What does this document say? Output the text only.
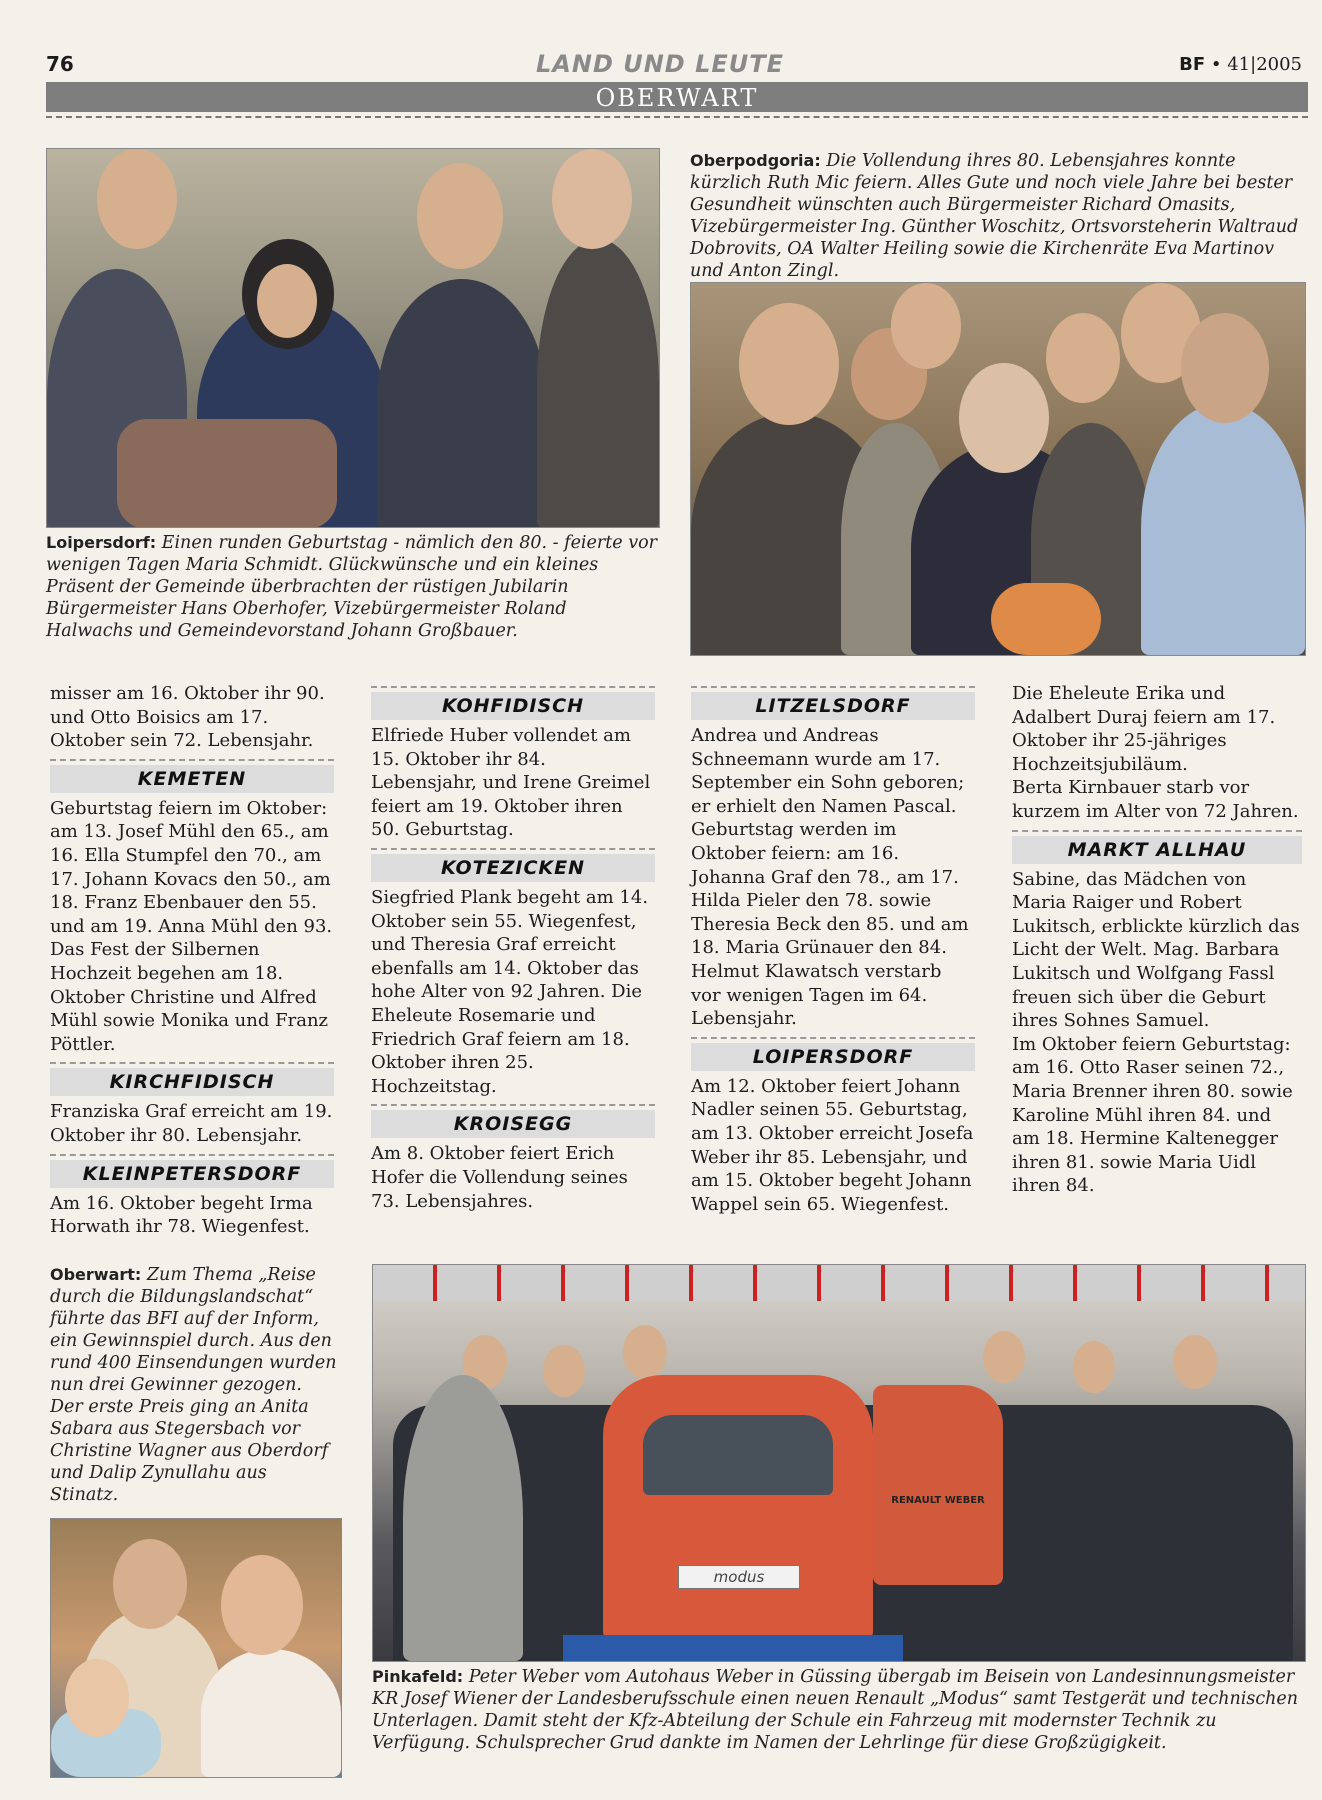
76	LAND UND LEUTE	BF • 41|2005
OBERWART
Loipersdorf: Einen runden Geburtstag - nämlich den 80. - feierte vor wenigen Tagen Maria Schmidt. Glückwünsche und ein kleines Präsent der Gemeinde überbrachten der rüstigen Jubilarin Bürgermeister Hans Oberhofer, Vizebürgermeister Roland Halwachs und Gemeindevorstand Johann Großbauer.
Oberpodgoria: Die Vollendung ihres 80. Lebensjahres konnte kürzlich Ruth Mic feiern. Alles Gute und noch viele Jahre bei bester Gesundheit wünschten auch Bürgermeister Richard Omasits, Vizebürgermeister Ing. Günther Woschitz, Ortsvorsteherin Waltraud Dobrovits, OA Walter Heiling sowie die Kirchenräte Eva Martinov und Anton Zingl.

misser am 16. Oktober ihr 90. und Otto Boisics am 17. Oktober sein 72. Lebensjahr.

KEMETEN

Geburtstag feiern im Oktober: am 13. Josef Mühl den 65., am 16. Ella Stumpfel den 70., am 17. Johann Kovacs den 50., am 18. Franz Ebenbauer den 55. und am 19. Anna Mühl den 93. Das Fest der Silbernen Hochzeit begehen am 18. Oktober Christine und Alfred Mühl sowie Monika und Franz Pöttler.

KIRCHFIDISCH

Franziska Graf erreicht am 19. Oktober ihr 80. Lebensjahr.

KLEINPETERSDORF

Am 16. Oktober begeht Irma Horwath ihr 78. Wiegenfest.

KOHFIDISCH

Elfriede Huber vollendet am 15. Oktober ihr 84. Lebensjahr, und Irene Greimel feiert am 19. Oktober ihren 50. Geburtstag.

KOTEZICKEN

Siegfried Plank begeht am 14. Oktober sein 55. Wiegenfest, und Theresia Graf erreicht ebenfalls am 14. Oktober das hohe Alter von 92 Jahren. Die Eheleute Rosemarie und Friedrich Graf feiern am 18. Oktober ihren 25. Hochzeitstag.

KROISEGG

Am 8. Oktober feiert Erich Hofer die Vollendung seines 73. Lebensjahres.

LITZELSDORF

Andrea und Andreas Schneemann wurde am 17. September ein Sohn geboren; er erhielt den Namen Pascal.

Geburtstag werden im Oktober feiern: am 16. Johanna Graf den 78., am 17. Hilda Pieler den 78. sowie Theresia Beck den 85. und am 18. Maria Grünauer den 84.

Helmut Klawatsch verstarb vor wenigen Tagen im 64. Lebensjahr.

LOIPERSDORF

Am 12. Oktober feiert Johann Nadler seinen 55. Geburtstag, am 13. Oktober erreicht Josefa Weber ihr 85. Lebensjahr, und am 15. Oktober begeht Johann Wappel sein 65. Wiegenfest.

Die Eheleute Erika und Adalbert Duraj feiern am 17. Oktober ihr 25-jähriges Hochzeitsjubiläum.

Berta Kirnbauer starb vor kurzem im Alter von 72 Jahren.

MARKT ALLHAU

Sabine, das Mädchen von Maria Raiger und Robert Lukitsch, erblickte kürzlich das Licht der Welt. Mag. Barbara Lukitsch und Wolfgang Fassl freuen sich über die Geburt ihres Sohnes Samuel.

Im Oktober feiern Geburtstag: am 16. Otto Raser seinen 72., Maria Brenner ihren 80. sowie Karoline Mühl ihren 84. und am 18. Hermine Kaltenegger ihren 81. sowie Maria Uidl ihren 84.

Oberwart: Zum Thema „Reise durch die Bildungslandschat“ führte das BFI auf der Inform, ein Gewinnspiel durch. Aus den rund 400 Einsendungen wurden nun drei Gewinner gezogen. Der erste Preis ging an Anita Sabara aus Stegersbach vor Christine Wagner aus Oberdorf und Dalip Zynullahu aus Stinatz.
modus
RENAULT WEBER
Pinkafeld: Peter Weber vom Autohaus Weber in Güssing übergab im Beisein von Landesinnungsmeister KR Josef Wiener der Landesberufsschule einen neuen Renault „Modus“ samt Testgerät und technischen Unterlagen. Damit steht der Kfz-Abteilung der Schule ein Fahrzeug mit modernster Technik zu Verfügung. Schulsprecher Grud dankte im Namen der Lehrlinge für diese Großzügigkeit.
